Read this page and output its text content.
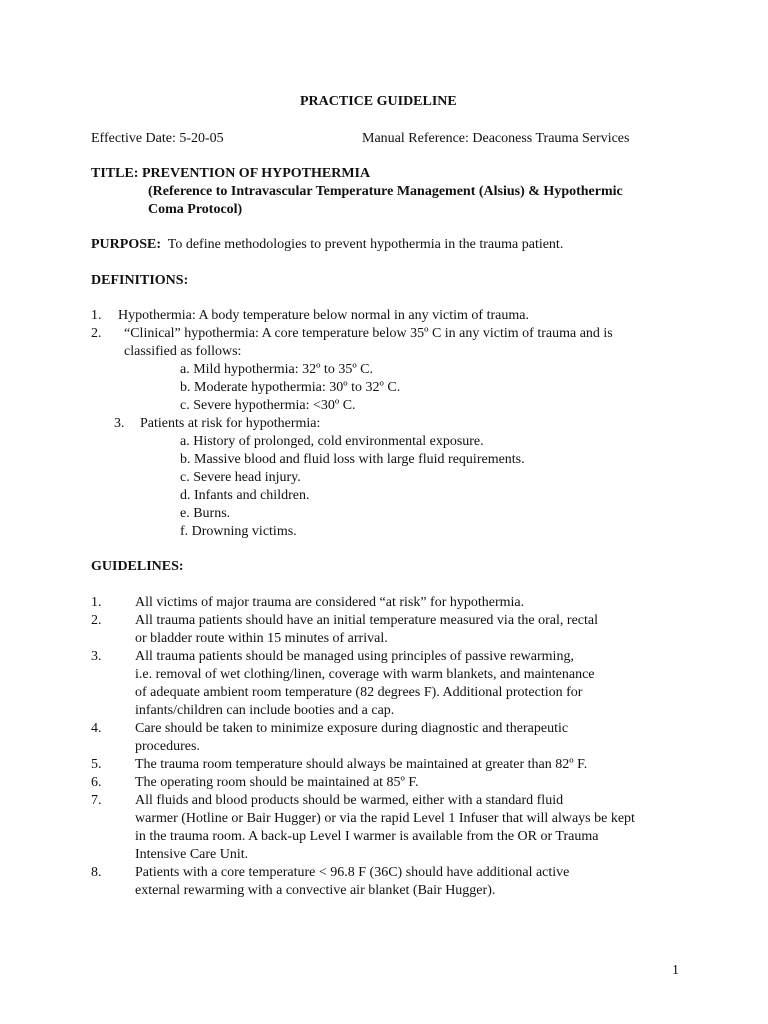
PRACTICE GUIDELINE
Effective Date: 5-20-05	Manual Reference: Deaconess Trauma Services
TITLE: PREVENTION OF HYPOTHERMIA
(Reference to Intravascular Temperature Management (Alsius) & Hypothermic
Coma Protocol)
PURPOSE: To define methodologies to prevent hypothermia in the trauma patient.
DEFINITIONS:
1. Hypothermia: A body temperature below normal in any victim of trauma.
2. “Clinical” hypothermia: A core temperature below 35º C in any victim of trauma and is
classified as follows:
a. Mild hypothermia: 32º to 35º C.
b. Moderate hypothermia: 30º to 32º C.
c. Severe hypothermia: <30º C.
3. Patients at risk for hypothermia:
a. History of prolonged, cold environmental exposure.
b. Massive blood and fluid loss with large fluid requirements.
c. Severe head injury.
d. Infants and children.
e. Burns.
f. Drowning victims.
GUIDELINES:
1. All victims of major trauma are considered “at risk” for hypothermia.
2. All trauma patients should have an initial temperature measured via the oral, rectal
or bladder route within 15 minutes of arrival.
3. All trauma patients should be managed using principles of passive rewarming,
i.e. removal of wet clothing/linen, coverage with warm blankets, and maintenance
of adequate ambient room temperature (82 degrees F). Additional protection for
infants/children can include booties and a cap.
4. Care should be taken to minimize exposure during diagnostic and therapeutic
procedures.
5. The trauma room temperature should always be maintained at greater than 82º F.
6. The operating room should be maintained at 85º F.
7. All fluids and blood products should be warmed, either with a standard fluid
warmer (Hotline or Bair Hugger) or via the rapid Level 1 Infuser that will always be kept
in the trauma room. A back-up Level I warmer is available from the OR or Trauma
Intensive Care Unit.
8. Patients with a core temperature < 96.8 F (36C) should have additional active
external rewarming with a convective air blanket (Bair Hugger).
1
